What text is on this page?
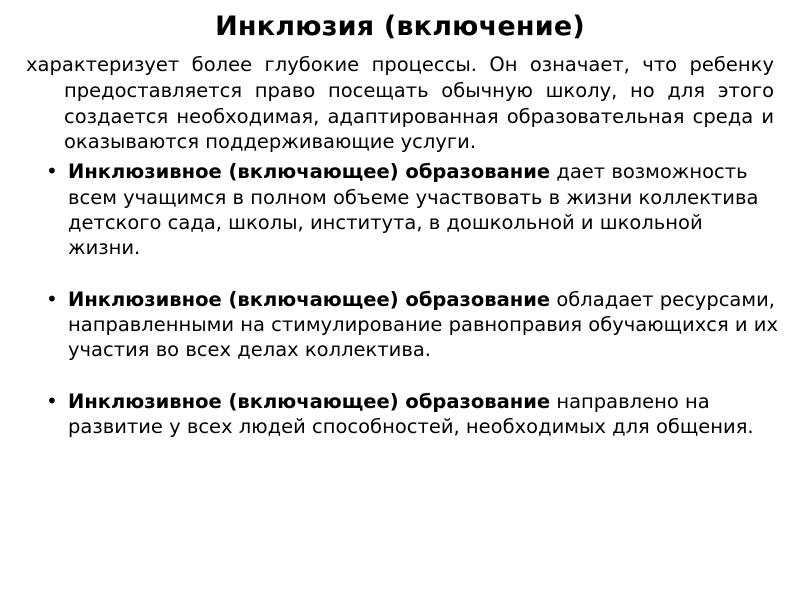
Инклюзия (включение)
характеризует более глубокие процессы. Он означает, что ребенку предоставляется право посещать обычную школу, но для этого создается необходимая, адаптированная образовательная среда и оказываются поддерживающие услуги.
• Инклюзивное (включающее) образование дает возможность всем учащимся в полном объеме участвовать в жизни коллектива детского сада, школы, института, в дошкольной и школьной жизни.
• Инклюзивное (включающее) образование обладает ресурсами, направленными на стимулирование равноправия обучающихся и их участия во всех делах коллектива.
• Инклюзивное (включающее) образование направлено на развитие у всех людей способностей, необходимых для общения.
